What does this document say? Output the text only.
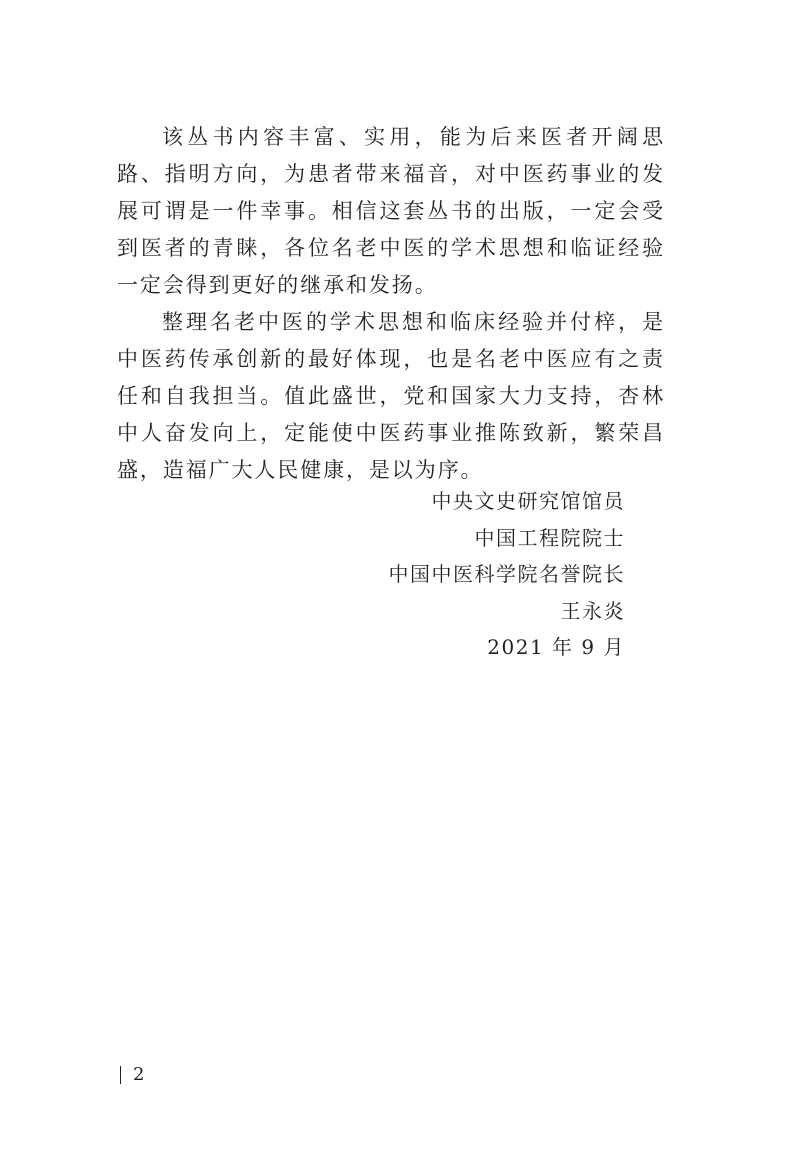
该丛书内容丰富、实用，能为后来医者开阔思路、指明方向，为患者带来福音，对中医药事业的发展可谓是一件幸事。相信这套丛书的出版，一定会受到医者的青睐，各位名老中医的学术思想和临证经验一定会得到更好的继承和发扬。

整理名老中医的学术思想和临床经验并付梓，是中医药传承创新的最好体现，也是名老中医应有之责任和自我担当。值此盛世，党和国家大力支持，杏林中人奋发向上，定能使中医药事业推陈致新，繁荣昌盛，造福广大人民健康，是以为序。

中央文史研究馆馆员
中国工程院院士
中国中医科学院名誉院长
王永炎
2021 年 9 月
2
